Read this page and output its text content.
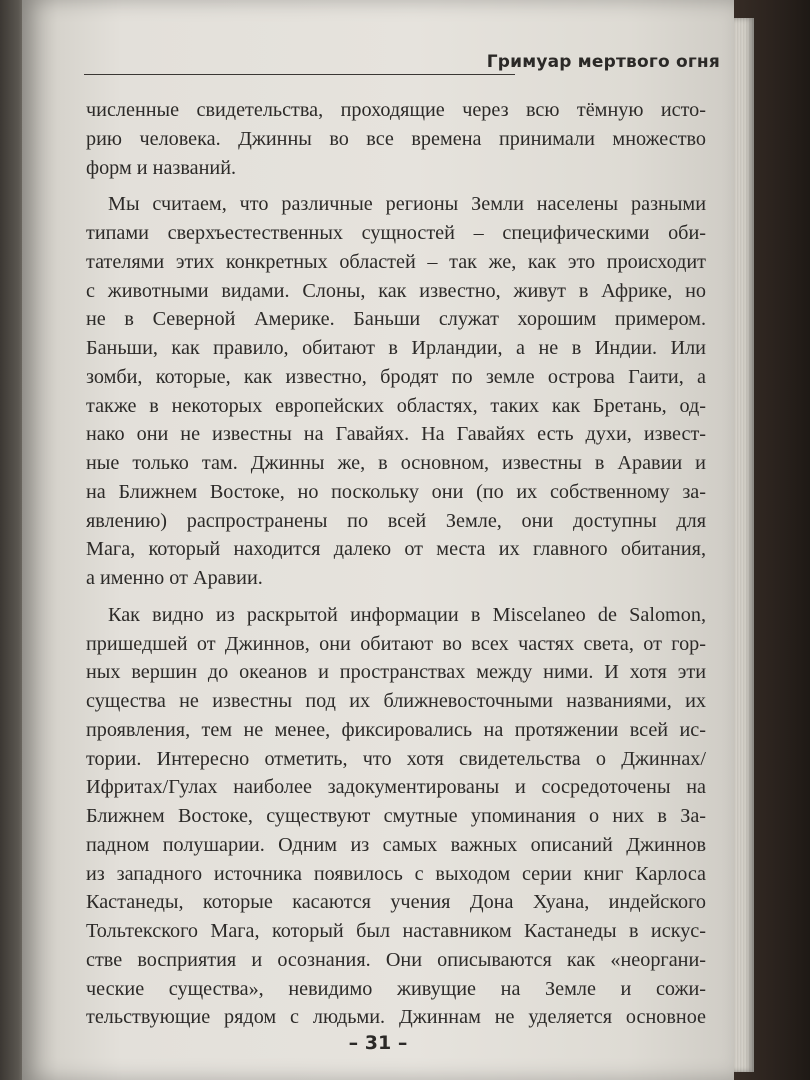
Гримуар мертвого огня
численные свидетельства, проходящие через всю тёмную исто-
рию человека. Джинны во все времена принимали множество
форм и названий.
Мы считаем, что различные регионы Земли населены разными
типами сверхъестественных сущностей – специфическими оби-
тателями этих конкретных областей – так же, как это происходит
с животными видами. Слоны, как известно, живут в Африке, но
не в Северной Америке. Баньши служат хорошим примером.
Баньши, как правило, обитают в Ирландии, а не в Индии. Или
зомби, которые, как известно, бродят по земле острова Гаити, а
также в некоторых европейских областях, таких как Бретань, од-
нако они не известны на Гавайях. На Гавайях есть духи, извест-
ные только там. Джинны же, в основном, известны в Аравии и
на Ближнем Востоке, но поскольку они (по их собственному за-
явлению) распространены по всей Земле, они доступны для
Мага, который находится далеко от места их главного обитания,
а именно от Аравии.
Как видно из раскрытой информации в Miscelaneo de Salomon,
пришедшей от Джиннов, они обитают во всех частях света, от гор-
ных вершин до океанов и пространствах между ними. И хотя эти
существа не известны под их ближневосточными названиями, их
проявления, тем не менее, фиксировались на протяжении всей ис-
тории. Интересно отметить, что хотя свидетельства о Джиннах/
Ифритах/Гулах наиболее задокументированы и сосредоточены на
Ближнем Востоке, существуют смутные упоминания о них в За-
падном полушарии. Одним из самых важных описаний Джиннов
из западного источника появилось с выходом серии книг Карлоса
Кастанеды, которые касаются учения Дона Хуана, индейского
Тольтекского Мага, который был наставником Кастанеды в искус-
стве восприятия и осознания. Они описываются как «неоргани-
ческие существа», невидимо живущие на Земле и сожи-
тельствующие рядом с людьми. Джиннам не уделяется основное
– 31 –
